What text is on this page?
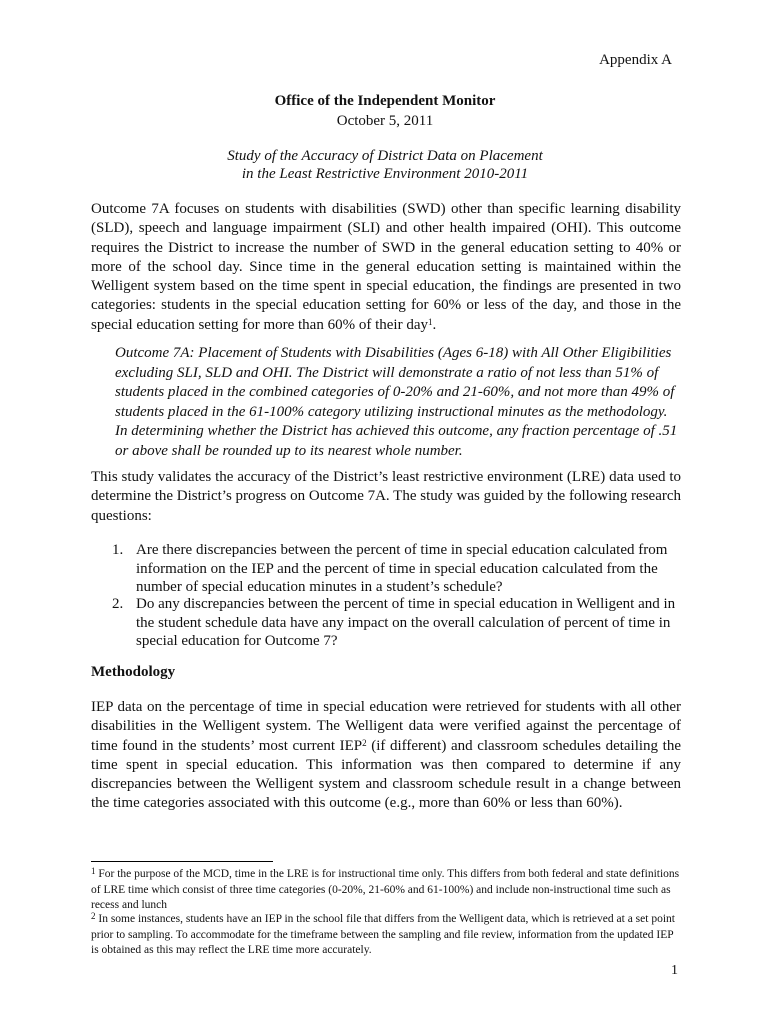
Appendix A
Office of the Independent Monitor
October 5, 2011
Study of the Accuracy of District Data on Placement
in the Least Restrictive Environment 2010-2011

Outcome 7A focuses on students with disabilities (SWD) other than specific learning disability (SLD), speech and language impairment (SLI) and other health impaired (OHI). This outcome requires the District to increase the number of SWD in the general education setting to 40% or more of the school day. Since time in the general education setting is maintained within the Welligent system based on the time spent in special education, the findings are presented in two categories: students in the special education setting for 60% or less of the day, and those in the special education setting for more than 60% of their day$^1$.

Outcome 7A: Placement of Students with Disabilities (Ages 6-18) with All Other Eligibilities excluding SLI, SLD and OHI. The District will demonstrate a ratio of not less than 51% of students placed in the combined categories of 0-20% and 21-60%, and not more than 49% of students placed in the 61-100% category utilizing instructional minutes as the methodology. In determining whether the District has achieved this outcome, any fraction percentage of .51 or above shall be rounded up to its nearest whole number.

This study validates the accuracy of the District’s least restrictive environment (LRE) data used to determine the District’s progress on Outcome 7A. The study was guided by the following research questions:

1. Are there discrepancies between the percent of time in special education calculated from information on the IEP and the percent of time in special education calculated from the number of special education minutes in a student’s schedule?
2. Do any discrepancies between the percent of time in special education in Welligent and in the student schedule data have any impact on the overall calculation of percent of time in special education for Outcome 7?
Methodology

IEP data on the percentage of time in special education were retrieved for students with all other disabilities in the Welligent system. The Welligent data were verified against the percentage of time found in the students’ most current IEP$^2$ (if different) and classroom schedules detailing the time spent in special education. This information was then compared to determine if any discrepancies between the Welligent system and classroom schedule result in a change between the time categories associated with this outcome (e.g., more than 60% or less than 60%).

$^1$ For the purpose of the MCD, time in the LRE is for instructional time only. This differs from both federal and state definitions of LRE time which consist of three time categories (0-20%, 21-60% and 61-100%) and include non-instructional time such as recess and lunch

$^2$ In some instances, students have an IEP in the school file that differs from the Welligent data, which is retrieved at a set point prior to sampling. To accommodate for the timeframe between the sampling and file review, information from the updated IEP is obtained as this may reflect the LRE time more accurately.

1
